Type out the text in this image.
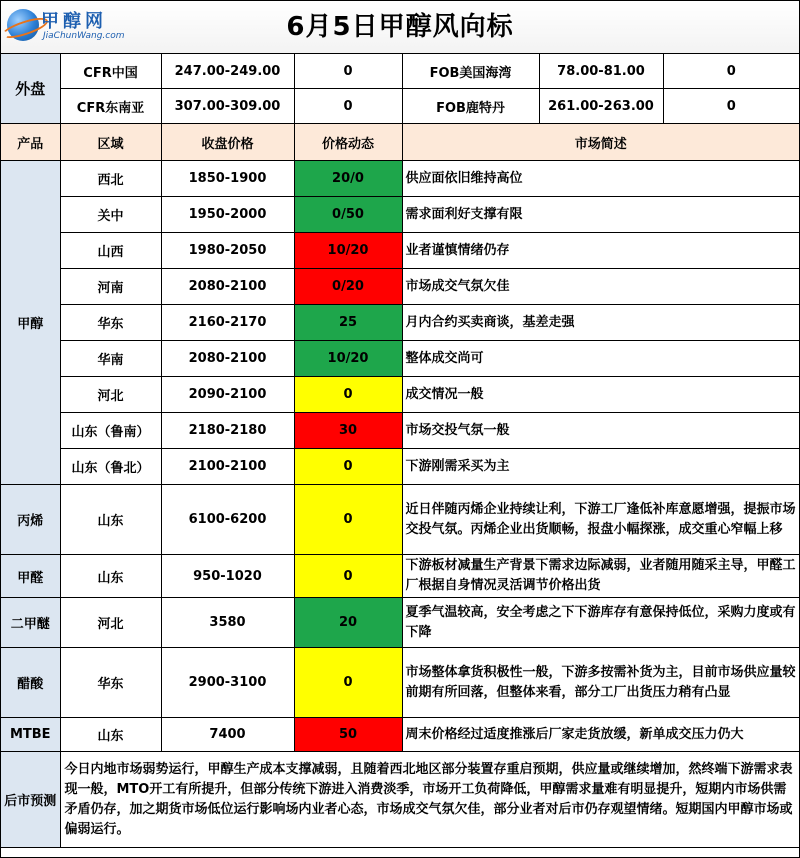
甲醇网
JiaChunWang.com	6月5日甲醇风向标
外盘	CFR中国	247.00-249.00	0	FOB美国海湾	78.00-81.00	0
	CFR东南亚	307.00-309.00	0	FOB鹿特丹	261.00-263.00	0
产品	区域	收盘价格	价格动态	市场简述		
甲醇	西北	1850-1900	20/0	供应面依旧维持高位		
	关中	1950-2000	0/50	需求面利好支撑有限		
	山西	1980-2050	10/20	业者谨慎情绪仍存		
	河南	2080-2100	0/20	市场成交气氛欠佳		
	华东	2160-2170	25	月内合约买卖商谈，基差走强		
	华南	2080-2100	10/20	整体成交尚可		
	河北	2090-2100	0	成交情况一般		
	山东（鲁南）	2180-2180	30	市场交投气氛一般		
	山东（鲁北）	2100-2100	0	下游刚需采买为主		
丙烯	山东	6100-6200	0	近日伴随丙烯企业持续让利，下游工厂逢低补库意愿增强，提振市场交投气氛。丙烯企业出货顺畅，报盘小幅探涨，成交重心窄幅上移		
甲醛	山东	950-1020	0	下游板材减量生产背景下需求边际减弱，业者随用随采主导，甲醛工厂根据自身情况灵活调节价格出货		
二甲醚	河北	3580	20	夏季气温较高，安全考虑之下下游库存有意保持低位，采购力度或有下降		
醋酸	华东	2900-3100	0	市场整体拿货积极性一般，下游多按需补货为主，目前市场供应量较前期有所回落，但整体来看，部分工厂出货压力稍有凸显		
MTBE	山东	7400	50	周末价格经过适度推涨后厂家走货放缓，新单成交压力仍大		
后市预测	今日内地市场弱势运行，甲醇生产成本支撑减弱，且随着西北地区部分装置存重启预期，供应量或继续增加，然终端下游需求表现一般，MTO开工有所提升，但部分传统下游进入消费淡季，市场开工负荷降低，甲醇需求量难有明显提升，短期内市场供需矛盾仍存，加之期货市场低位运行影响场内业者心态，市场成交气氛欠佳，部分业者对后市仍存观望情绪。短期国内甲醇市场或偏弱运行。					
